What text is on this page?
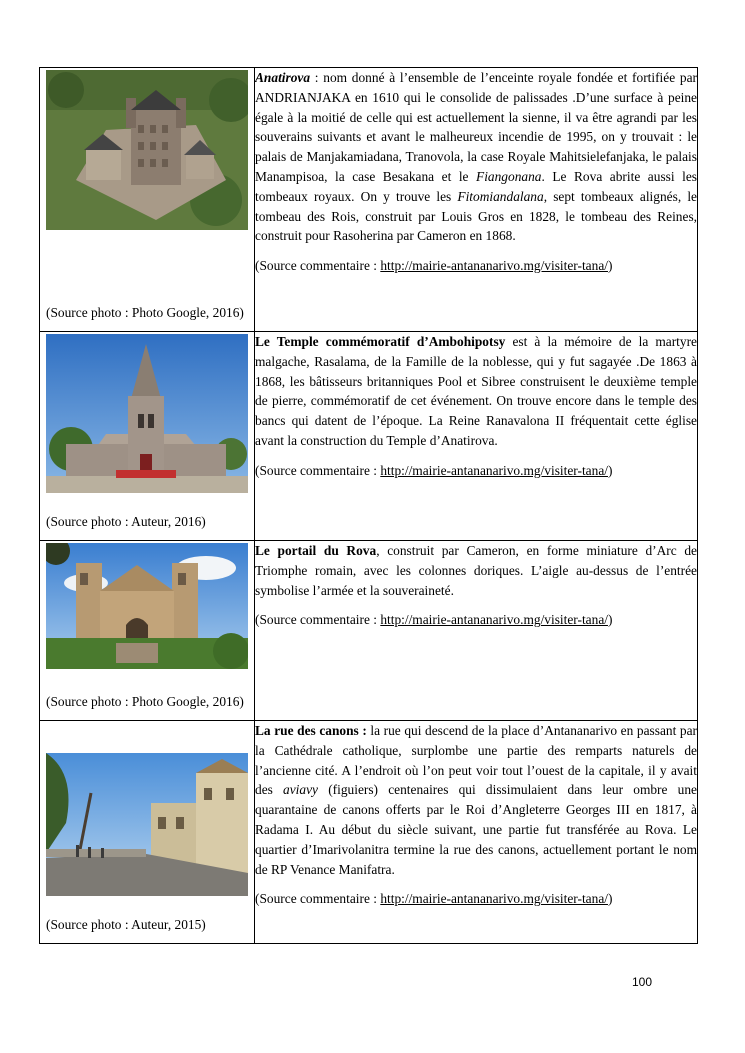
(Source photo : Photo Google, 2016)	Anatirova : nom donné à l’ensemble de l’enceinte royale fondée et fortifiée par ANDRIANJAKA en 1610 qui le consolide de palissades .D’une surface à peine égale à la moitié de celle qui est actuellement la sienne, il va être agrandi par les souverains suivants et avant le malheureux incendie de 1995, on y trouvait : le palais de Manjakamiadana, Tranovola, la case Royale Mahitsielefanjaka, le palais Manampisoa, la case Besakana et le Fiangonana. Le Rova abrite aussi les tombeaux royaux. On y trouve les Fitomiandalana, sept tombeaux alignés, le tombeau des Rois, construit par Louis Gros en 1828, le tombeau des Reines, construit pour Rasoherina par Cameron en 1868.

(Source commentaire : http://mairie-antananarivo.mg/visiter-tana/)

(Source photo : Auteur, 2016)	Le Temple commémoratif d’Ambohipotsy est à la mémoire de la martyre malgache, Rasalama, de la Famille de la noblesse, qui y fut sagayée .De 1863 à 1868, les bâtisseurs britanniques Pool et Sibree construisent le deuxième temple de pierre, commémoratif de cet événement. On trouve encore dans le temple des bancs qui datent de l’époque. La Reine Ranavalona II fréquentait cette église avant la construction du Temple d’Anatirova.

(Source commentaire : http://mairie-antananarivo.mg/visiter-tana/)

(Source photo : Photo Google, 2016)	Le portail du Rova, construit par Cameron, en forme miniature d’Arc de Triomphe romain, avec les colonnes doriques. L’aigle au-dessus de l’entrée symbolise l’armée et la souveraineté.

(Source commentaire : http://mairie-antananarivo.mg/visiter-tana/)

(Source photo : Auteur, 2015)	La rue des canons : la rue qui descend de la place d’Antananarivo en passant par la Cathédrale catholique, surplombe une partie des remparts naturels de l’ancienne cité. A l’endroit où l’on peut voir tout l’ouest de la capitale, il y avait des aviavy (figuiers) centenaires qui dissimulaient dans leur ombre une quarantaine de canons offerts par le Roi d’Angleterre Georges III en 1817, à Radama I. Au début du siècle suivant, une partie fut transférée au Rova. Le quartier d’Imarivolanitra termine la rue des canons, actuellement portant le nom de RP Venance Manifatra.

(Source commentaire : http://mairie-antananarivo.mg/visiter-tana/)

100
